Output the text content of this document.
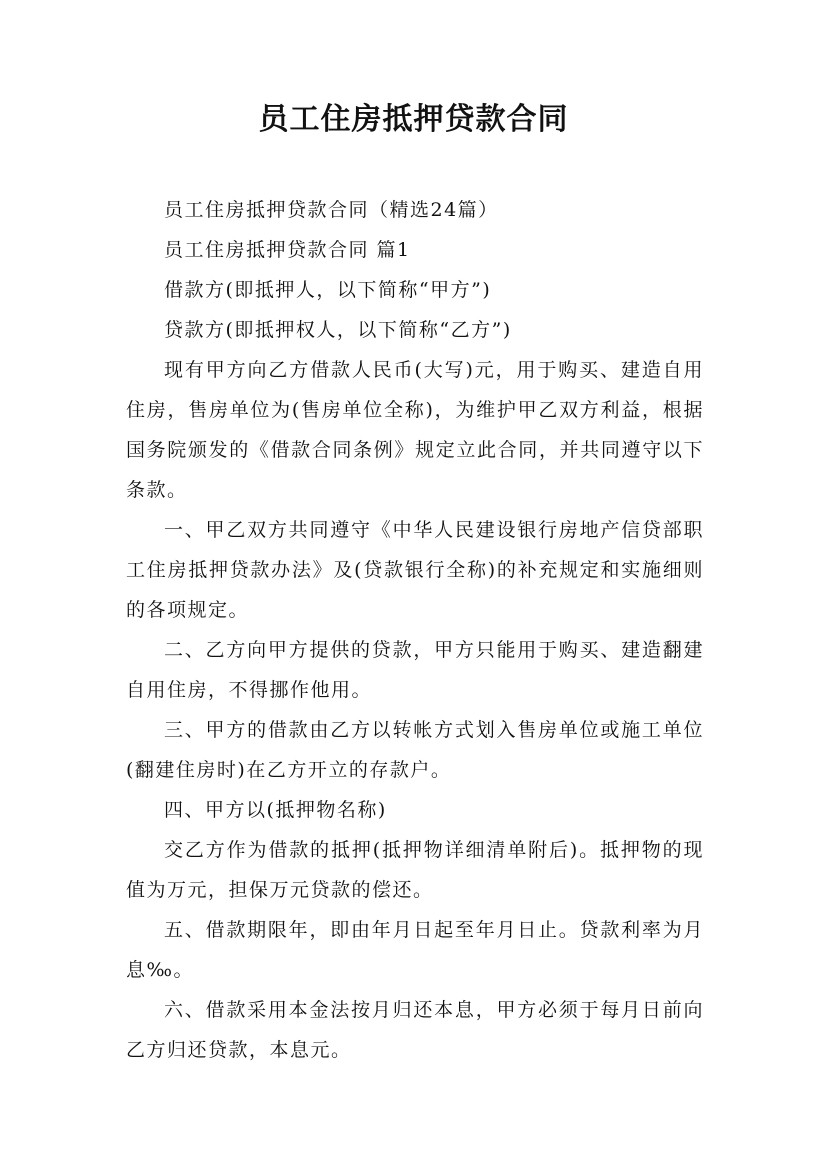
员工住房抵押贷款合同

员工住房抵押贷款合同（精选24篇）

员工住房抵押贷款合同 篇1

借款方(即抵押人，以下简称“甲方”)

贷款方(即抵押权人，以下简称“乙方”)

现有甲方向乙方借款人民币(大写)元，用于购买、建造自用住房，售房单位为(售房单位全称)，为维护甲乙双方利益，根据国务院颁发的《借款合同条例》规定立此合同，并共同遵守以下条款。

一、甲乙双方共同遵守《中华人民建设银行房地产信贷部职工住房抵押贷款办法》及(贷款银行全称)的补充规定和实施细则的各项规定。

二、乙方向甲方提供的贷款，甲方只能用于购买、建造翻建自用住房，不得挪作他用。

三、甲方的借款由乙方以转帐方式划入售房单位或施工单位(翻建住房时)在乙方开立的存款户。

四、甲方以(抵押物名称)

交乙方作为借款的抵押(抵押物详细清单附后)。抵押物的现值为万元，担保万元贷款的偿还。

五、借款期限年，即由年月日起至年月日止。贷款利率为月息‰。

六、借款采用本金法按月归还本息，甲方必须于每月日前向乙方归还贷款，本息元。
